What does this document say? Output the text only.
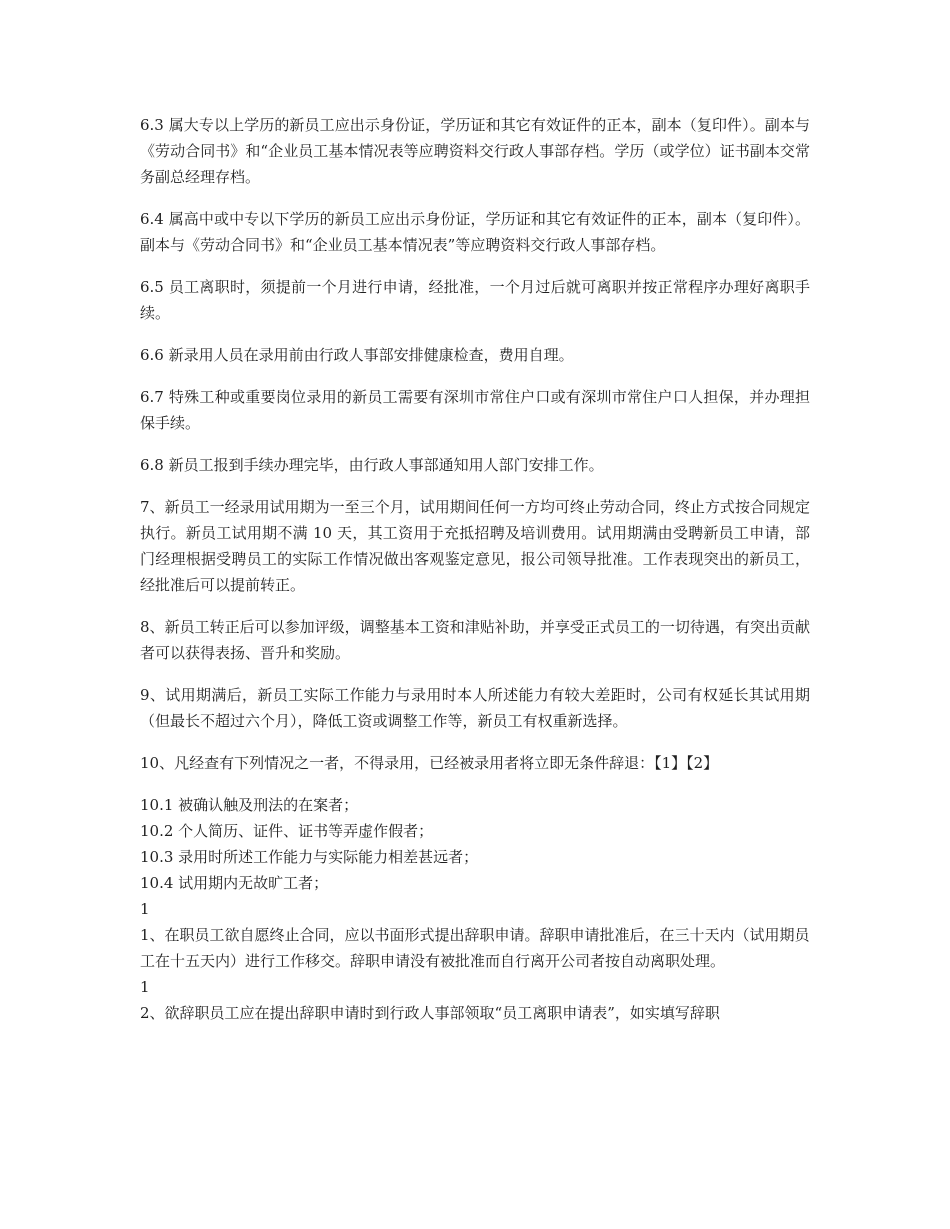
6.3 属大专以上学历的新员工应出示身份证，学历证和其它有效证件的正本，副本（复印件）。副本与《劳动合同书》和“企业员工基本情况表等应聘资料交行政人事部存档。学历（或学位）证书副本交常务副总经理存档。

6.4 属高中或中专以下学历的新员工应出示身份证，学历证和其它有效证件的正本，副本（复印件）。副本与《劳动合同书》和“企业员工基本情况表”等应聘资料交行政人事部存档。

6.5 员工离职时，须提前一个月进行申请，经批准，一个月过后就可离职并按正常程序办理好离职手续。

6.6 新录用人员在录用前由行政人事部安排健康检查，费用自理。

6.7 特殊工种或重要岗位录用的新员工需要有深圳市常住户口或有深圳市常住户口人担保，并办理担保手续。

6.8 新员工报到手续办理完毕，由行政人事部通知用人部门安排工作。

7、新员工一经录用试用期为一至三个月，试用期间任何一方均可终止劳动合同，终止方式按合同规定执行。新员工试用期不满 10 天，其工资用于充抵招聘及培训费用。试用期满由受聘新员工申请，部门经理根据受聘员工的实际工作情况做出客观鉴定意见，报公司领导批准。工作表现突出的新员工，经批准后可以提前转正。

8、新员工转正后可以参加评级，调整基本工资和津贴补助，并享受正式员工的一切待遇，有突出贡献者可以获得表扬、晋升和奖励。

9、试用期满后，新员工实际工作能力与录用时本人所述能力有较大差距时，公司有权延长其试用期（但最长不超过六个月），降低工资或调整工作等，新员工有权重新选择。

10、凡经查有下列情况之一者，不得录用，已经被录用者将立即无条件辞退：【1】【2】

10.1 被确认触及刑法的在案者；

10.2 个人简历、证件、证书等弄虚作假者；

10.3 录用时所述工作能力与实际能力相差甚远者；

10.4 试用期内无故旷工者；

1

1、在职员工欲自愿终止合同，应以书面形式提出辞职申请。辞职申请批准后，在三十天内（试用期员工在十五天内）进行工作移交。辞职申请没有被批准而自行离开公司者按自动离职处理。

1

2、欲辞职员工应在提出辞职申请时到行政人事部领取“员工离职申请表”，如实填写辞职
